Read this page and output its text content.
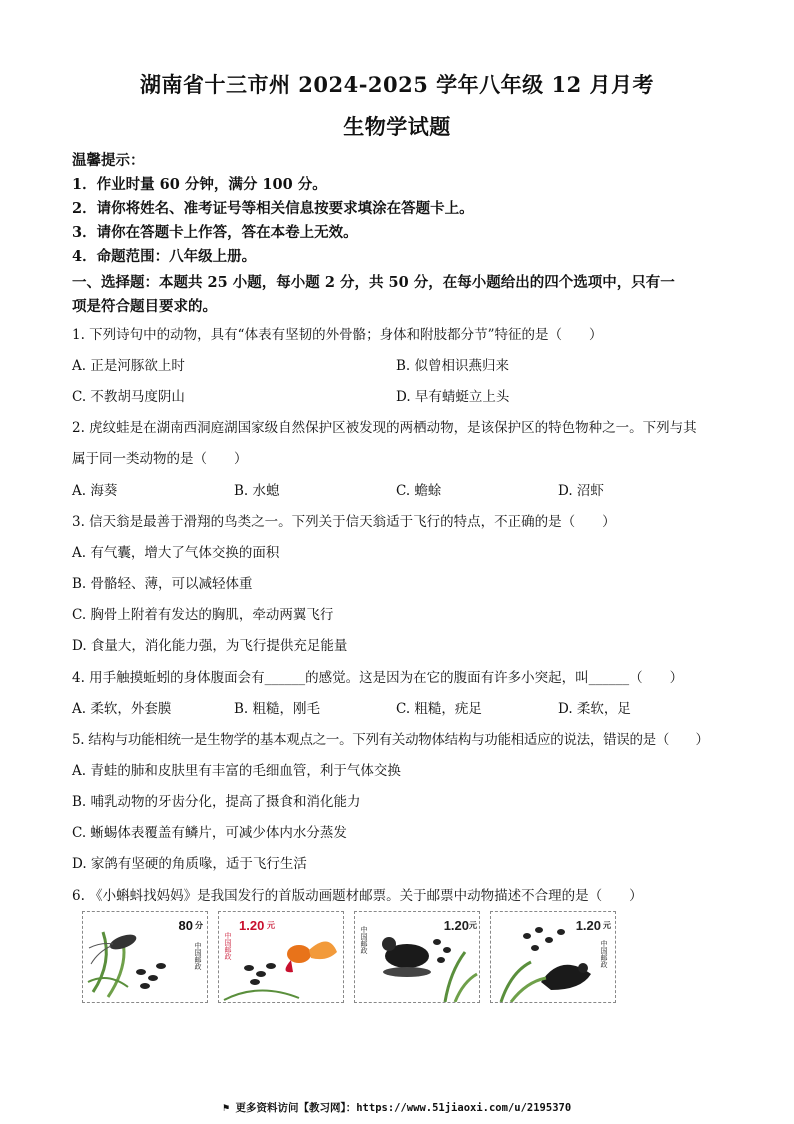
湖南省十三市州 2024-2025 学年八年级 12 月月考
生物学试题
温馨提示：
1．作业时量 60 分钟，满分 100 分。
2．请你将姓名、准考证号等相关信息按要求填涂在答题卡上。
3．请你在答题卡上作答，答在本卷上无效。
4．命题范围：八年级上册。
一、选择题：本题共 25 小题，每小题 2 分，共 50 分，在每小题给出的四个选项中，只有一
项是符合题目要求的。
1. 下列诗句中的动物，具有“体表有坚韧的外骨骼；身体和附肢都分节”特征的是（　　）
A. 正是河豚欲上时	B. 似曾相识燕归来
C. 不教胡马度阴山	D. 早有蜻蜓立上头
2. 虎纹蛙是在湖南西洞庭湖国家级自然保护区被发现的两栖动物，是该保护区的特色物种之一。下列与其
属于同一类动物的是（　　）
A. 海葵	B. 水螅	C. 蟾蜍	D. 沼虾
3. 信天翁是最善于滑翔的鸟类之一。下列关于信天翁适于飞行的特点，不正确的是（　　）
A. 有气囊，增大了气体交换的面积
B. 骨骼轻、薄，可以减轻体重
C. 胸骨上附着有发达的胸肌，牵动两翼飞行
D. 食量大，消化能力强，为飞行提供充足能量
4. 用手触摸蚯蚓的身体腹面会有______的感觉。这是因为在它的腹面有许多小突起，叫______（　　）
A. 柔软，外套膜	B. 粗糙，刚毛	C. 粗糙，疣足	D. 柔软，足
5. 结构与功能相统一是生物学的基本观点之一。下列有关动物体结构与功能相适应的说法，错误的是（　　）
A. 青蛙的肺和皮肤里有丰富的毛细血管，利于气体交换
B. 哺乳动物的牙齿分化，提高了摄食和消化能力
C. 蜥蜴体表覆盖有鳞片，可减少体内水分蒸发
D. 家鸽有坚硬的角质喙，适于飞行生活
6. 《小蝌蚪找妈妈》是我国发行的首版动画题材邮票。关于邮票中动物描述不合理的是（　　）
80 分
中国邮政
1.20 元
中国邮政
1.20 元
中国邮政
1.20 元
中国邮政
⚑ 更多资料访问【教习网】：https://www.51jiaoxi.com/u/2195370
